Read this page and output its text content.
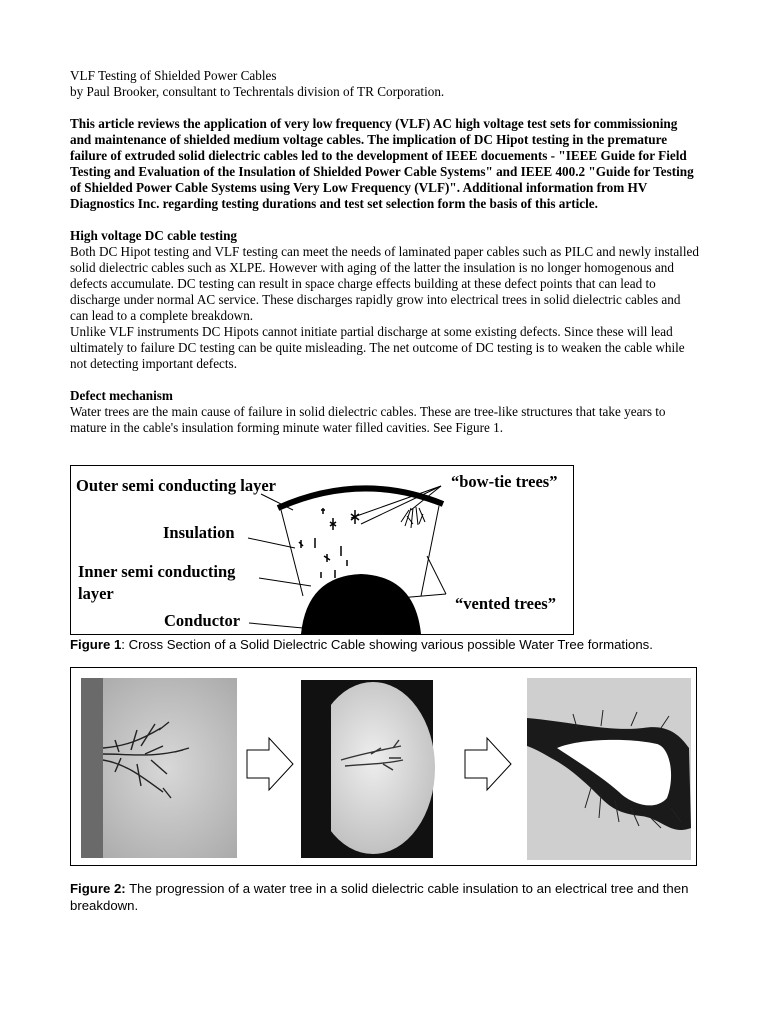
VLF Testing of Shielded Power Cables

by Paul Brooker, consultant to Techrentals division of TR Corporation.

This article reviews the application of very low frequency (VLF) AC high voltage test sets for commissioning and maintenance of shielded medium voltage cables. The implication of DC Hipot testing in the premature failure of extruded solid dielectric cables led to the development of IEEE docuements - "IEEE Guide for Field Testing and Evaluation of the Insulation of Shielded Power Cable Systems" and IEEE 400.2 "Guide for Testing of Shielded Power Cable Systems using Very Low Frequency (VLF)". Additional information from HV Diagnostics Inc. regarding testing durations and test set selection form the basis of this article.

High voltage DC cable testing

Both DC Hipot testing and VLF testing can meet the needs of laminated paper cables such as PILC and newly installed solid dielectric cables such as XLPE. However with aging of the latter the insulation is no longer homogenous and defects accumulate. DC testing can result in space charge effects building at these defect points that can lead to discharge under normal AC service. These discharges rapidly grow into electrical trees in solid dielectric cables and can lead to a complete breakdown.

Unlike VLF instruments DC Hipots cannot initiate partial discharge at some existing defects. Since these will lead ultimately to failure DC testing can be quite misleading. The net outcome of DC testing is to weaken the cable while not detecting important defects.

Defect mechanism

Water trees are the main cause of failure in solid dielectric cables. These are tree-like structures that take years to mature in the cable's insulation forming minute water filled cavities. See Figure 1.

Outer semi conducting layer
Insulation
Inner semi conducting
layer
Conductor
“bow-tie trees”
“vented trees”
Figure 1: Cross Section of a Solid Dielectric Cable showing various possible Water Tree formations.
Figure 2: The progression of a water tree in a solid dielectric cable insulation to an electrical tree and then breakdown.
